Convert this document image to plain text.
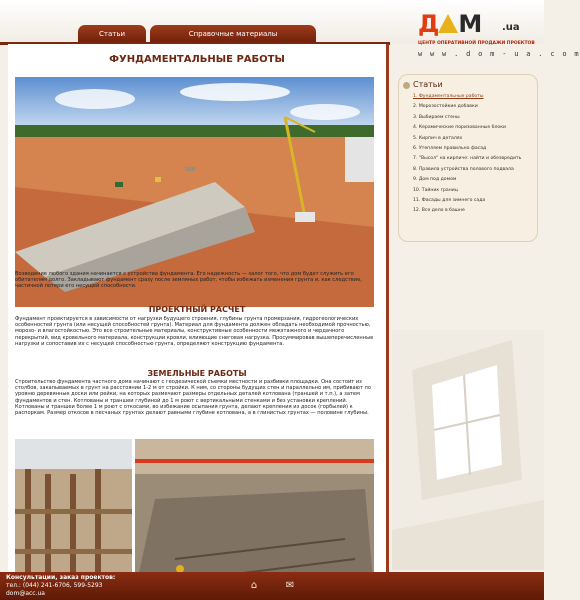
Статьи	Справочные материалы	Д M .ua
ЦЕНТР ОПЕРАТИВНОЙ ПРОДАЖИ ПРОЕКТОВ
w w w . d o m - u a . c o m
ФУНДАМЕНТАЛЬНЫЕ РАБОТЫ
Возведение любого здания начинается с устройства фундамента. Его надежность — залог того, что дом будет служить его обитателям долго. Закладывают фундамент сразу после земляных работ, чтобы избежать изменения грунта и, как следствие, частичной потери его несущей способности.
ПРОЕКТНЫЙ РАСЧЕТ
Фундамент проектируется в зависимости от нагрузки будущего строения, глубины грунта промерзания, гидрогеологических особенностей грунта (или несущей способностей грунта). Материал для фундамента должен обладать необходимой прочностью, морозо- и влагостойкостью. Это все строительные материалы, конструктивные особенности межэтажного и чердачного перекрытий, вид кровельного материала, конструкции кровли, влияющие снеговая нагрузка. Просуммировав вышеперечисленные нагрузки и сопоставив их с несущей способностью грунта, определяют конструкцию фундамента.
ЗЕМЕЛЬНЫЕ РАБОТЫ
Строительство фундамента частного дома начинают с геодезической съемки местности и разбивки площадки. Она состоит из столбов, закапываемых в грунт на расстоянии 1-2 м от стройки. К ним, со стороны будущих стен и параллельно им, прибивают по уровню деревянные доски или рейки, на которых размечают размеры отдельных деталей котлована (траншей и т.п.), а затем фундаментов и стен. Котлованы и траншеи глубиной до 1 м роют с вертикальными стенками и без установки креплений. Котлованы и траншеи более 1 м роют с откосами, во избежание осыпания грунта, делают крепления из досок (горбылей) к распоркам. Размер откосов в песчаных грунтах делают равными глубине котлована, а в глинистых грунтах — половине глубины.
Статьи
1. Фундаментальные работы
2. Морозостойкие добавки
3. Выбираем стены
4. Керамические поризованные блоки
5. Кирпич в деталях
6. Утепляем правильно фасад
7. "Высол" на кирпиче: найти и обезвредить
8. Правила устройства полового подвала
9. Дом под домом
10. Тайник границ
11. Фасады для зимнего сада
12. Все дело в башне
Консультации, заказ проектов:
тел.: (044) 241-6706, 599-5293
dom@acc.ua
⌂	✉
